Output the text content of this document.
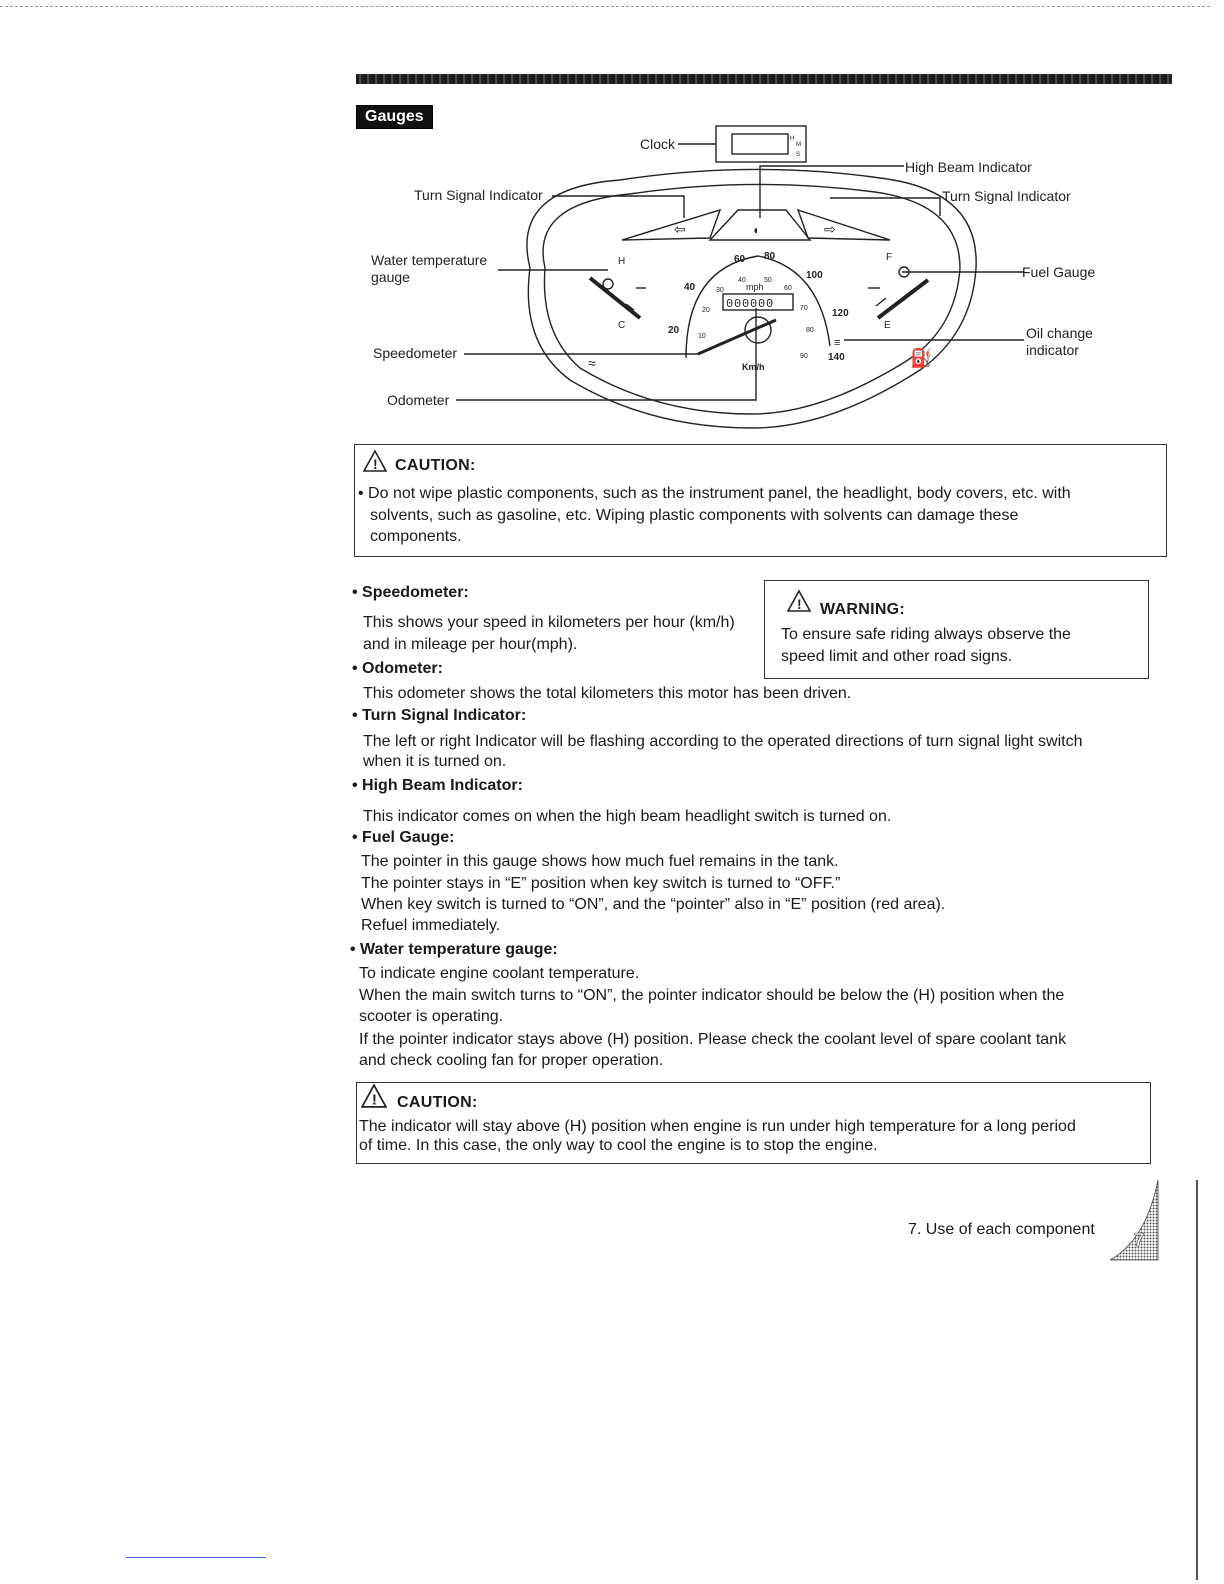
Gauges
Clock
High Beam Indicator
Turn Signal Indicator	Turn Signal Indicator
Water temperature
gauge	Fuel Gauge
Oil change
indicator
Speedometer
Odometer
H
M
S
⇦	◖	⇨
H
C
≈
F
E
⛽
≡
20
40
60 80
100
120
140
10
20
30
40	50
60
70
80
90
mph
000000
Km/h
! CAUTION:
• Do not wipe plastic components, such as the instrument panel, the headlight, body covers, etc. with
solvents, such as gasoline, etc. Wiping plastic components with solvents can damage these
components.
! WARNING:
To ensure safe riding always observe the
speed limit and other road signs.
• Speedometer:
This shows your speed in kilometers per hour (km/h)
and in mileage per hour(mph).
• Odometer:
This odometer shows the total kilometers this motor has been driven.
• Turn Signal Indicator:
The left or right Indicator will be flashing according to the operated directions of turn signal light switch
when it is turned on.
• High Beam Indicator:
This indicator comes on when the high beam headlight switch is turned on.
• Fuel Gauge:
The pointer in this gauge shows how much fuel remains in the tank.
The pointer stays in “E” position when key switch is turned to “OFF.”
When key switch is turned to “ON”, and the “pointer” also in “E” position (red area).
Refuel immediately.
• Water temperature gauge:
To indicate engine coolant temperature.
When the main switch turns to “ON”, the pointer indicator should be below the (H) position when the
scooter is operating.
If the pointer indicator stays above (H) position. Please check the coolant level of spare coolant tank
and check cooling fan for proper operation.
! CAUTION:
The indicator will stay above (H) position when engine is run under high temperature for a long period
of time. In this case, the only way to cool the engine is to stop the engine.
7. Use of each component
7
